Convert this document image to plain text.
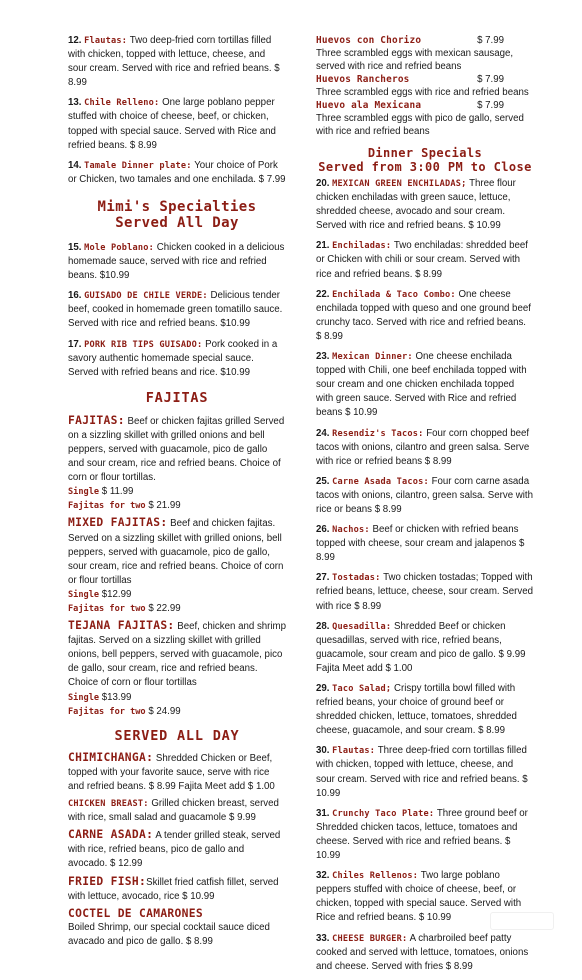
12. Flautas: Two deep-fried corn tortillas filled with chicken, topped with lettuce, cheese, and sour cream. Served with rice and refried beans. $ 8.99
13. Chile Relleno: One large poblano pepper stuffed with choice of cheese, beef, or chicken, topped with special sauce. Served with Rice and refried beans. $ 8.99
14. Tamale Dinner plate: Your choice of Pork or Chicken, two tamales and one enchilada. $ 7.99
Mimi's Specialties
Served All Day
15. Mole Poblano: Chicken cooked in a delicious homemade sauce, served with rice and refried beans. $10.99
16. GUISADO DE CHILE VERDE: Delicious tender beef, cooked in homemade green tomatillo sauce. Served with rice and refried beans. $10.99
17. PORK RIB TIPS GUISADO: Pork cooked in a savory authentic homemade special sauce. Served with refried beans and rice. $10.99
FAJITAS
FAJITAS: Beef or chicken fajitas grilled Served on a sizzling skillet with grilled onions and bell peppers, served with guacamole, pico de gallo and sour cream, rice and refried beans. Choice of corn or flour tortillas.
Single $ 11.99
Fajitas for two $ 21.99
MIXED FAJITAS: Beef and chicken fajitas. Served on a sizzling skillet with grilled onions, bell peppers, served with guacamole, pico de gallo, sour cream, rice and refried beans. Choice of corn or flour tortillas
Single $12.99
Fajitas for two $ 22.99
TEJANA FAJITAS: Beef, chicken and shrimp fajitas. Served on a sizzling skillet with grilled onions, bell peppers, served with guacamole, pico de gallo, sour cream, rice and refried beans. Choice of corn or flour tortillas
Single $13.99
Fajitas for two $ 24.99
SERVED ALL DAY
CHIMICHANGA: Shredded Chicken or Beef, topped with your favorite sauce, serve with rice and refried beans. $ 8.99 Fajita Meet add $ 1.00
CHICKEN BREAST: Grilled chicken breast, served with rice, small salad and guacamole $ 9.99
CARNE ASADA: A tender grilled steak, served with rice, refried beans, pico de gallo and avocado. $ 12.99
FRIED FISH:Skillet fried catfish fillet, served with lettuce, avocado, rice $ 10.99
COCTEL DE CAMARONES
Boiled Shrimp, our special cocktail sauce diced avacado and pico de gallo. $ 8.99
Huevos con Chorizo	$ 7.99
Three scrambled eggs with mexican sausage, served with rice and refried beans
Huevos Rancheros	$ 7.99
Three scrambled eggs with rice and refried beans
Huevo ala Mexicana	$ 7.99
Three scrambled eggs with pico de gallo, served with rice and refried beans
Dinner Specials
Served from 3:00 PM to Close
20. MEXICAN GREEN ENCHILADAS; Three flour chicken enchiladas with green sauce, lettuce, shredded cheese, avocado and sour cream. Served with rice and refried beans. $ 10.99
21. Enchiladas: Two enchiladas: shredded beef or Chicken with chili or sour cream. Served with rice and refried beans. $ 8.99
22. Enchilada & Taco Combo: One cheese enchilada topped with queso and one ground beef crunchy taco. Served with rice and refried beans. $ 8.99
23. Mexican Dinner: One cheese enchilada topped with Chili, one beef enchilada topped with sour cream and one chicken enchilada topped with green sauce. Served with Rice and refried beans $ 10.99
24. Resendiz's Tacos: Four corn chopped beef tacos with onions, cilantro and green salsa. Serve with rice or refried beans $ 8.99
25. Carne Asada Tacos: Four corn carne asada tacos with onions, cilantro, green salsa. Serve with rice or beans $ 8.99
26. Nachos: Beef or chicken with refried beans topped with cheese, sour cream and jalapenos $ 8.99
27. Tostadas: Two chicken tostadas; Topped with refried beans, lettuce, cheese, sour cream. Served with rice $ 8.99
28. Quesadilla: Shredded Beef or chicken quesadillas, served with rice, refried beans, guacamole, sour cream and pico de gallo. $ 9.99 Fajita Meet add $ 1.00
29. Taco Salad; Crispy tortilla bowl filled with refried beans, your choice of ground beef or shredded chicken, lettuce, tomatoes, shredded cheese, guacamole, and sour cream. $ 8.99
30. Flautas: Three deep-fried corn tortillas filled with chicken, topped with lettuce, cheese, and sour cream. Served with rice and refried beans. $ 10.99
31. Crunchy Taco Plate: Three ground beef or Shredded chicken tacos, lettuce, tomatoes and cheese. Served with rice and refried beans. $ 10.99
32. Chiles Rellenos: Two large poblano peppers stuffed with choice of cheese, beef, or chicken, topped with special sauce. Served with Rice and refried beans. $ 10.99
33. CHEESE BURGER: A charbroiled beef patty cooked and served with lettuce, tomatoes, onions and cheese. Served with fries $ 8.99
